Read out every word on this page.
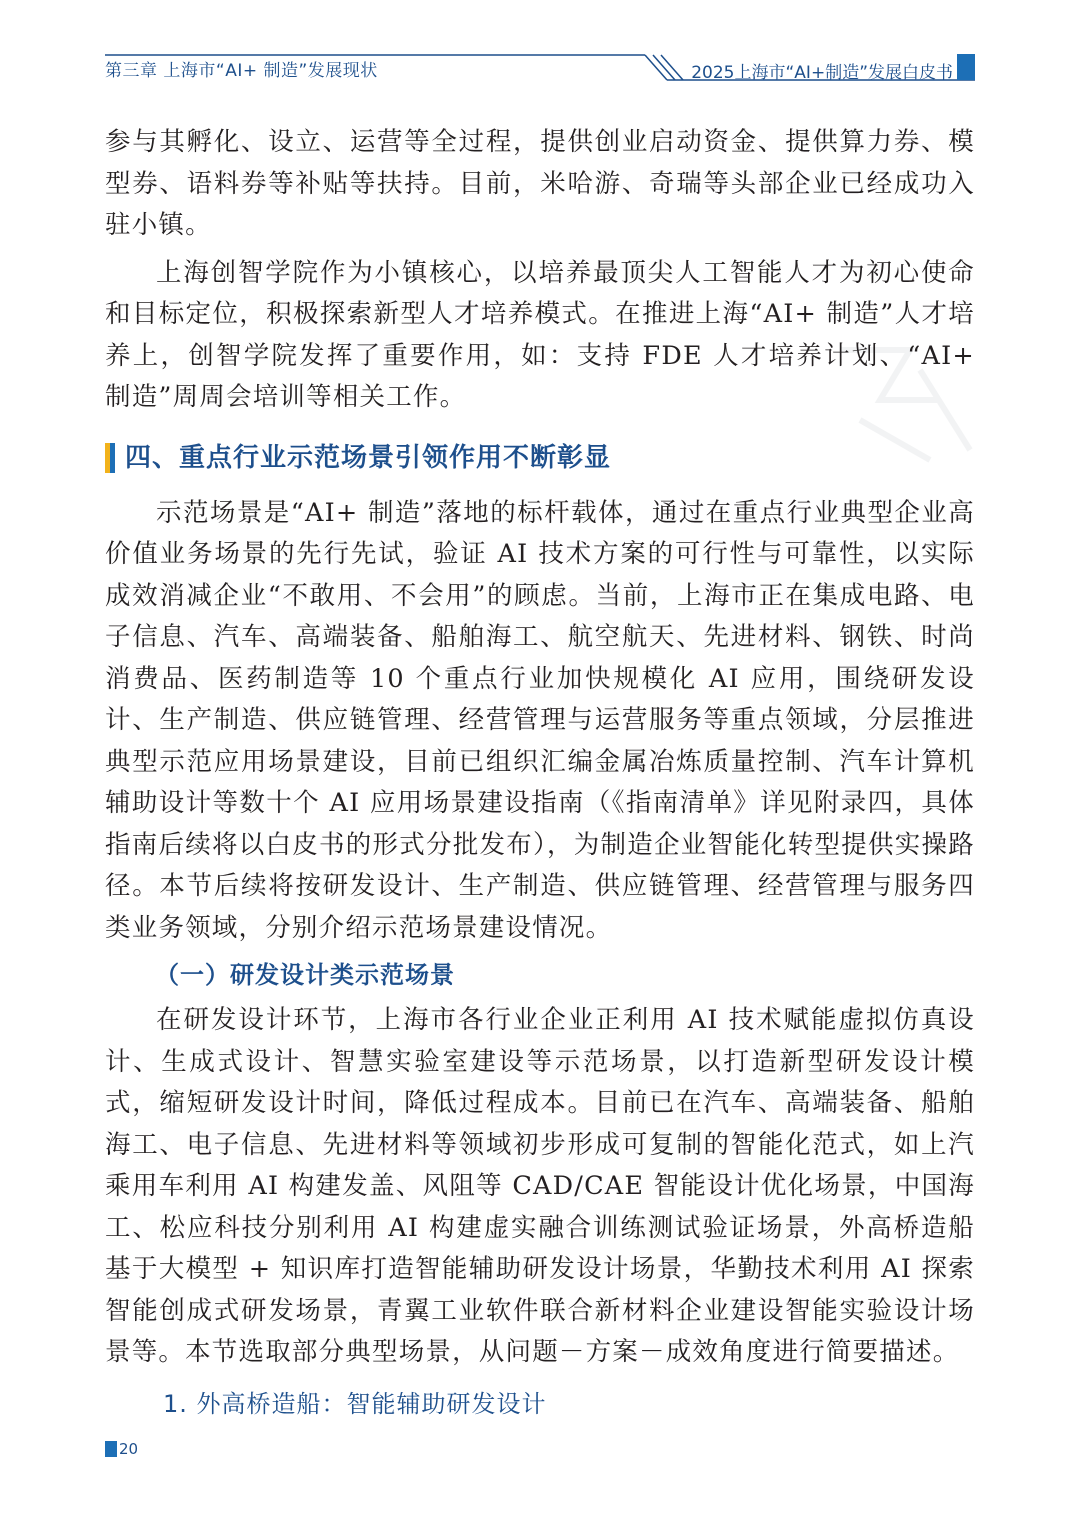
第三章 上海市“AI+ 制造”发展现状	2025上海市“AI+制造”发展白皮书

参与其孵化、设立、运营等全过程，提供创业启动资金、提供算力券、模型券、语料券等补贴等扶持。目前，米哈游、奇瑞等头部企业已经成功入驻小镇。

上海创智学院作为小镇核心，以培养最顶尖人工智能人才为初心使命和目标定位，积极探索新型人才培养模式。在推进上海“AI+ 制造”人才培养上，创智学院发挥了重要作用，如：支持 FDE 人才培养计划、“AI+ 制造”周周会培训等相关工作。

四、重点行业示范场景引领作用不断彰显

示范场景是“AI+ 制造”落地的标杆载体，通过在重点行业典型企业高价值业务场景的先行先试，验证 AI 技术方案的可行性与可靠性，以实际成效消减企业“不敢用、不会用”的顾虑。当前，上海市正在集成电路、电子信息、汽车、高端装备、船舶海工、航空航天、先进材料、钢铁、时尚消费品、医药制造等 10 个重点行业加快规模化 AI 应用，围绕研发设计、生产制造、供应链管理、经营管理与运营服务等重点领域，分层推进典型示范应用场景建设，目前已组织汇编金属冶炼质量控制、汽车计算机辅助设计等数十个 AI 应用场景建设指南（《指南清单》详见附录四，具体指南后续将以白皮书的形式分批发布），为制造企业智能化转型提供实操路径。本节后续将按研发设计、生产制造、供应链管理、经营管理与服务四类业务领域，分别介绍示范场景建设情况。

（一）研发设计类示范场景

在研发设计环节，上海市各行业企业正利用 AI 技术赋能虚拟仿真设计、生成式设计、智慧实验室建设等示范场景，以打造新型研发设计模式，缩短研发设计时间，降低过程成本。目前已在汽车、高端装备、船舶海工、电子信息、先进材料等领域初步形成可复制的智能化范式，如上汽乘用车利用 AI 构建发盖、风阻等 CAD/CAE 智能设计优化场景，中国海工、松应科技分别利用 AI 构建虚实融合训练测试验证场景，外高桥造船基于大模型 + 知识库打造智能辅助研发设计场景，华勤技术利用 AI 探索智能创成式研发场景，青翼工业软件联合新材料企业建设智能实验设计场景等。本节选取部分典型场景，从问题－方案－成效角度进行简要描述。

1. 外高桥造船：智能辅助研发设计
20
